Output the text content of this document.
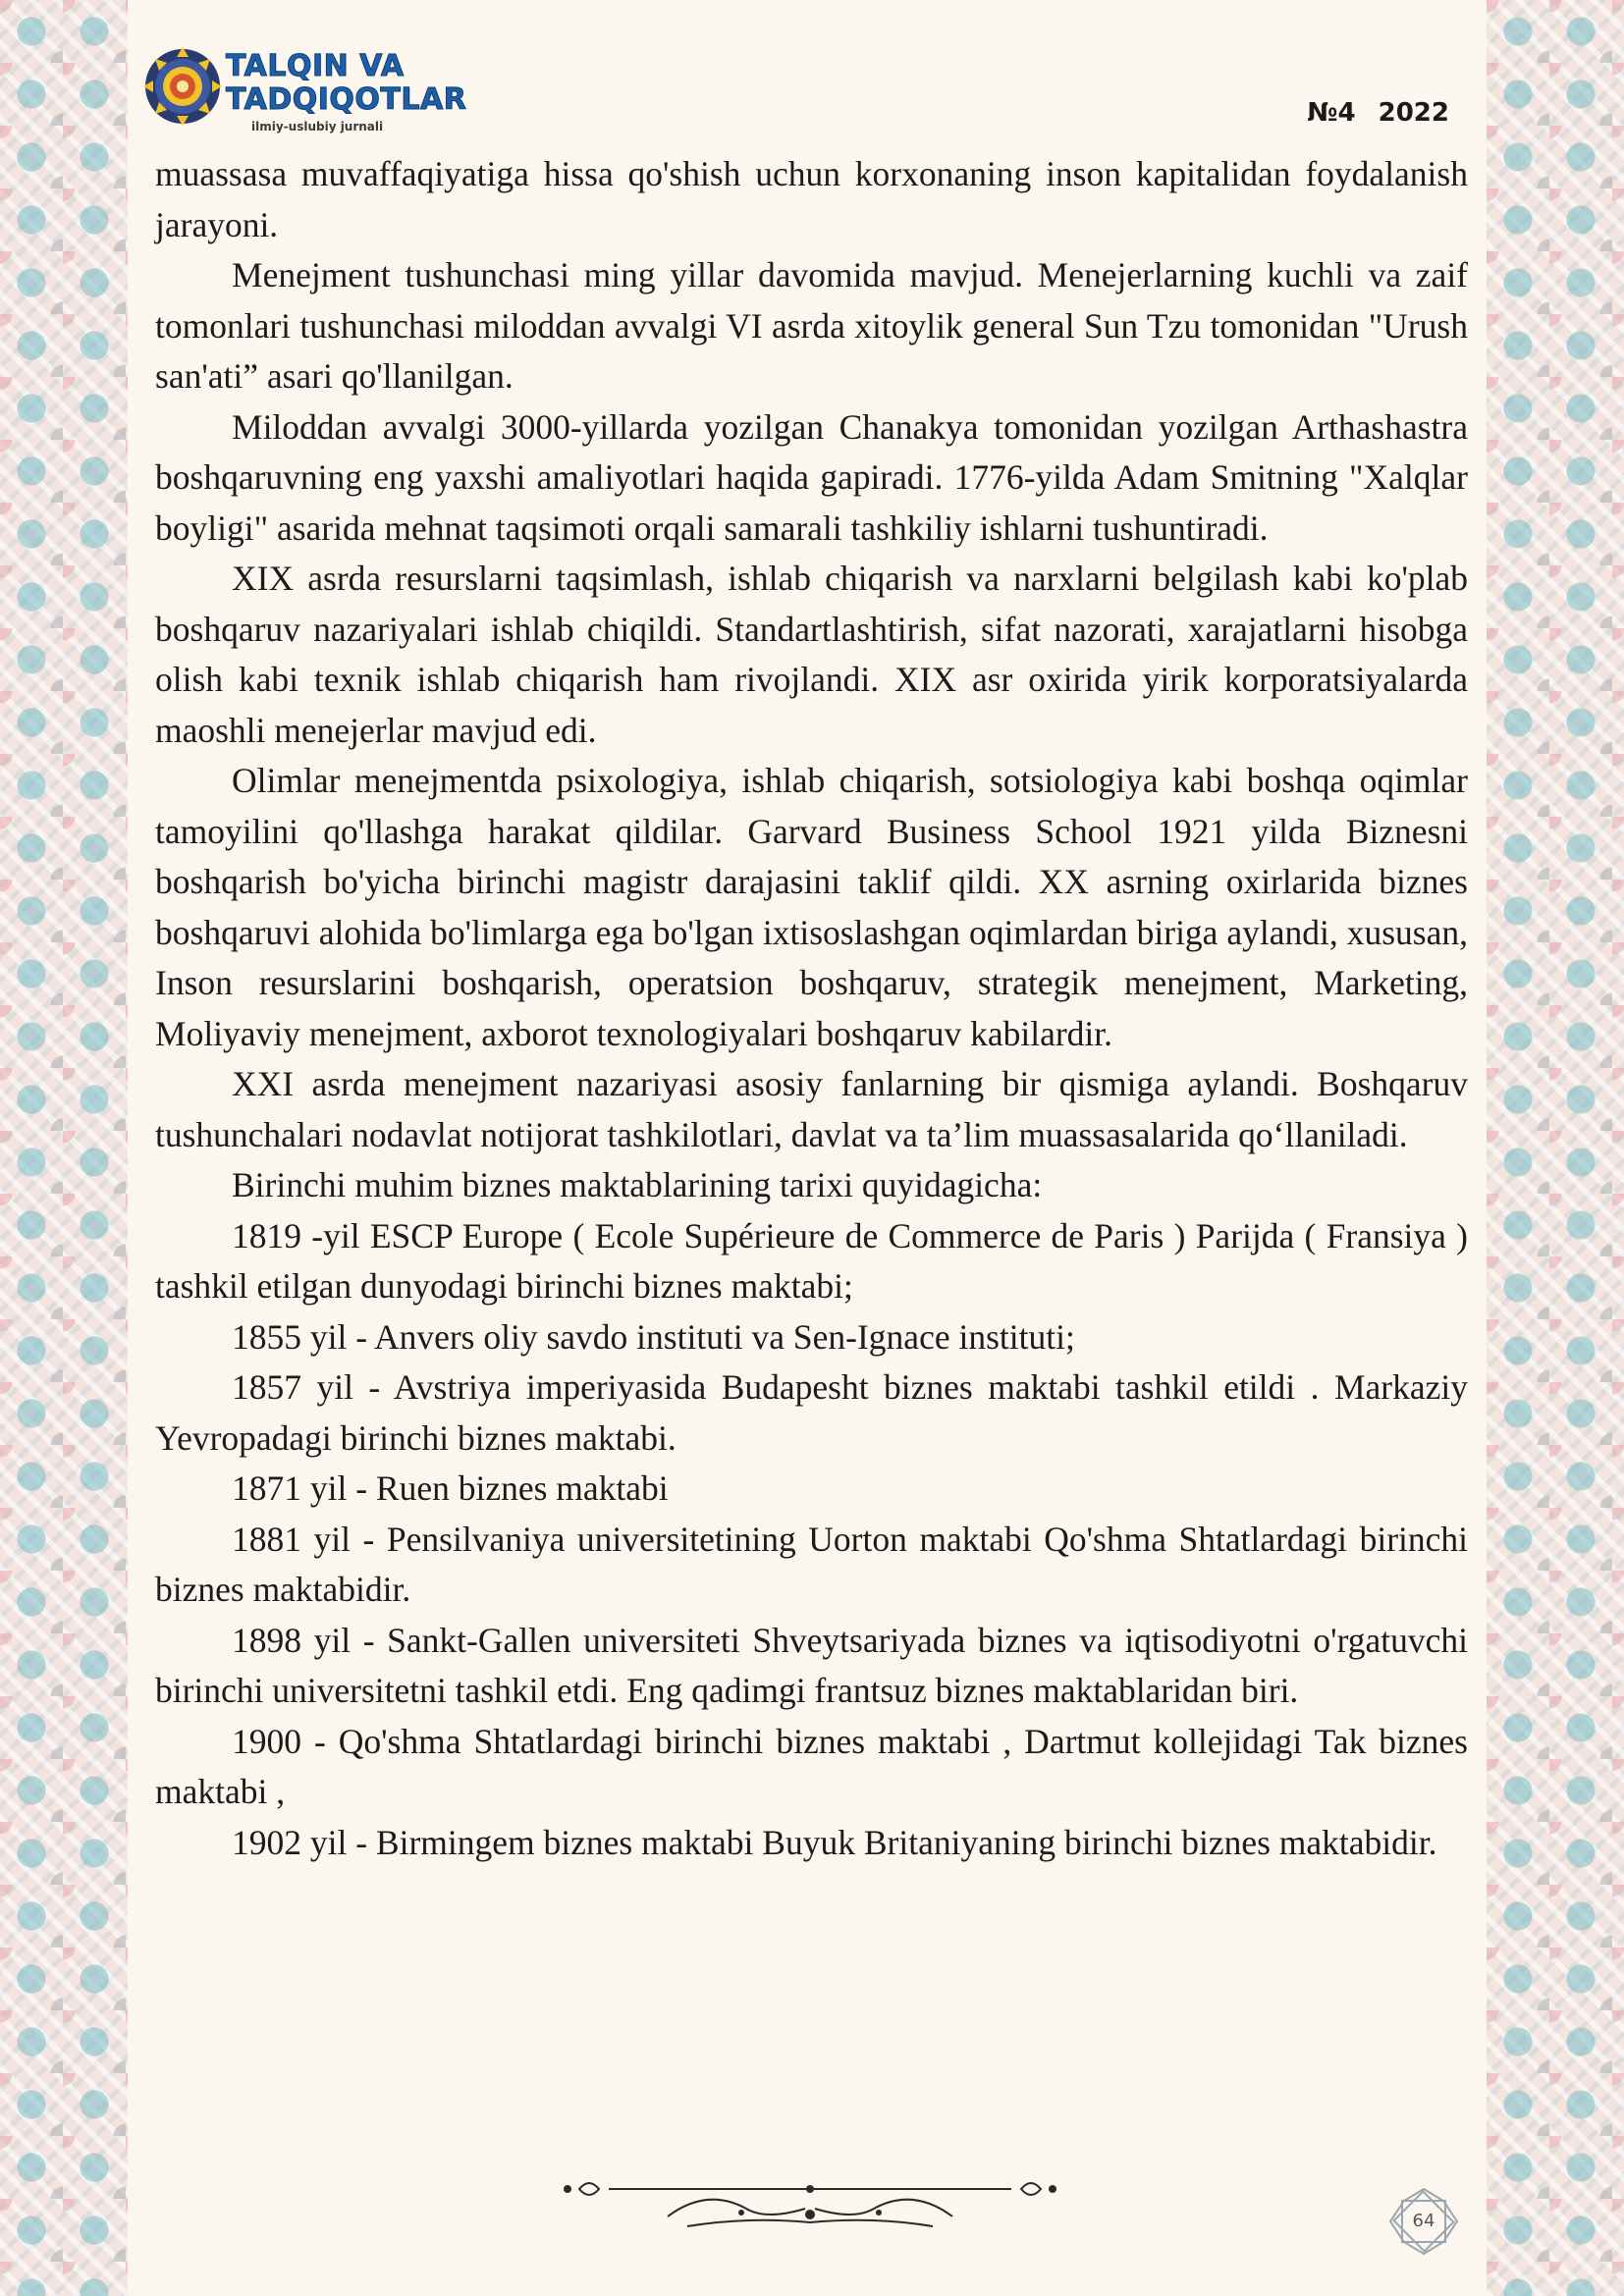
TALQIN VA
TADQIQOTLAR
ilmiy-uslubiy jurnali	№4 2022

muassasa muvaffaqiyatiga hissa qo'shish uchun korxonaning inson kapitalidan foydalanish jarayoni.

Menejment tushunchasi ming yillar davomida mavjud. Menejerlarning kuchli va zaif tomonlari tushunchasi miloddan avvalgi VI asrda xitoylik general Sun Tzu tomonidan "Urush san'ati” asari qo'llanilgan.

Miloddan avvalgi 3000-yillarda yozilgan Chanakya tomonidan yozilgan Arthashastra boshqaruvning eng yaxshi amaliyotlari haqida gapiradi. 1776-yilda Adam Smitning "Xalqlar boyligi" asarida mehnat taqsimoti orqali samarali tashkiliy ishlarni tushuntiradi.

XIX asrda resurslarni taqsimlash, ishlab chiqarish va narxlarni belgilash kabi ko'plab boshqaruv nazariyalari ishlab chiqildi. Standartlashtirish, sifat nazorati, xarajatlarni hisobga olish kabi texnik ishlab chiqarish ham rivojlandi. XIX asr oxirida yirik korporatsiyalarda maoshli menejerlar mavjud edi.

Olimlar menejmentda psixologiya, ishlab chiqarish, sotsiologiya kabi boshqa oqimlar tamoyilini qo'llashga harakat qildilar. Garvard Business School 1921 yilda Biznesni boshqarish bo'yicha birinchi magistr darajasini taklif qildi. XX asrning oxirlarida biznes boshqaruvi alohida bo'limlarga ega bo'lgan ixtisoslashgan oqimlardan biriga aylandi, xususan, Inson resurslarini boshqarish, operatsion boshqaruv, strategik menejment, Marketing, Moliyaviy menejment, axborot texnologiyalari boshqaruv kabilardir.

XXI asrda menejment nazariyasi asosiy fanlarning bir qismiga aylandi. Boshqaruv tushunchalari nodavlat notijorat tashkilotlari, davlat va ta’lim muassasalarida qo‘llaniladi.

Birinchi muhim biznes maktablarining tarixi quyidagicha:

1819 -yil ESCP Europe ( Ecole Supérieure de Commerce de Paris ) Parijda ( Fransiya ) tashkil etilgan dunyodagi birinchi biznes maktabi;

1855 yil - Anvers oliy savdo instituti va Sen-Ignace instituti;

1857 yil - Avstriya imperiyasida Budapesht biznes maktabi tashkil etildi . Markaziy Yevropadagi birinchi biznes maktabi.

1871 yil - Ruen biznes maktabi

1881 yil - Pensilvaniya universitetining Uorton maktabi Qo'shma Shtatlardagi birinchi biznes maktabidir.

1898 yil - Sankt-Gallen universiteti Shveytsariyada biznes va iqtisodiyotni o'rgatuvchi birinchi universitetni tashkil etdi. Eng qadimgi frantsuz biznes maktablaridan biri.

1900 - Qo'shma Shtatlardagi birinchi biznes maktabi , Dartmut kollejidagi Tak biznes maktabi ,

1902 yil - Birmingem biznes maktabi Buyuk Britaniyaning birinchi biznes maktabidir.

64
